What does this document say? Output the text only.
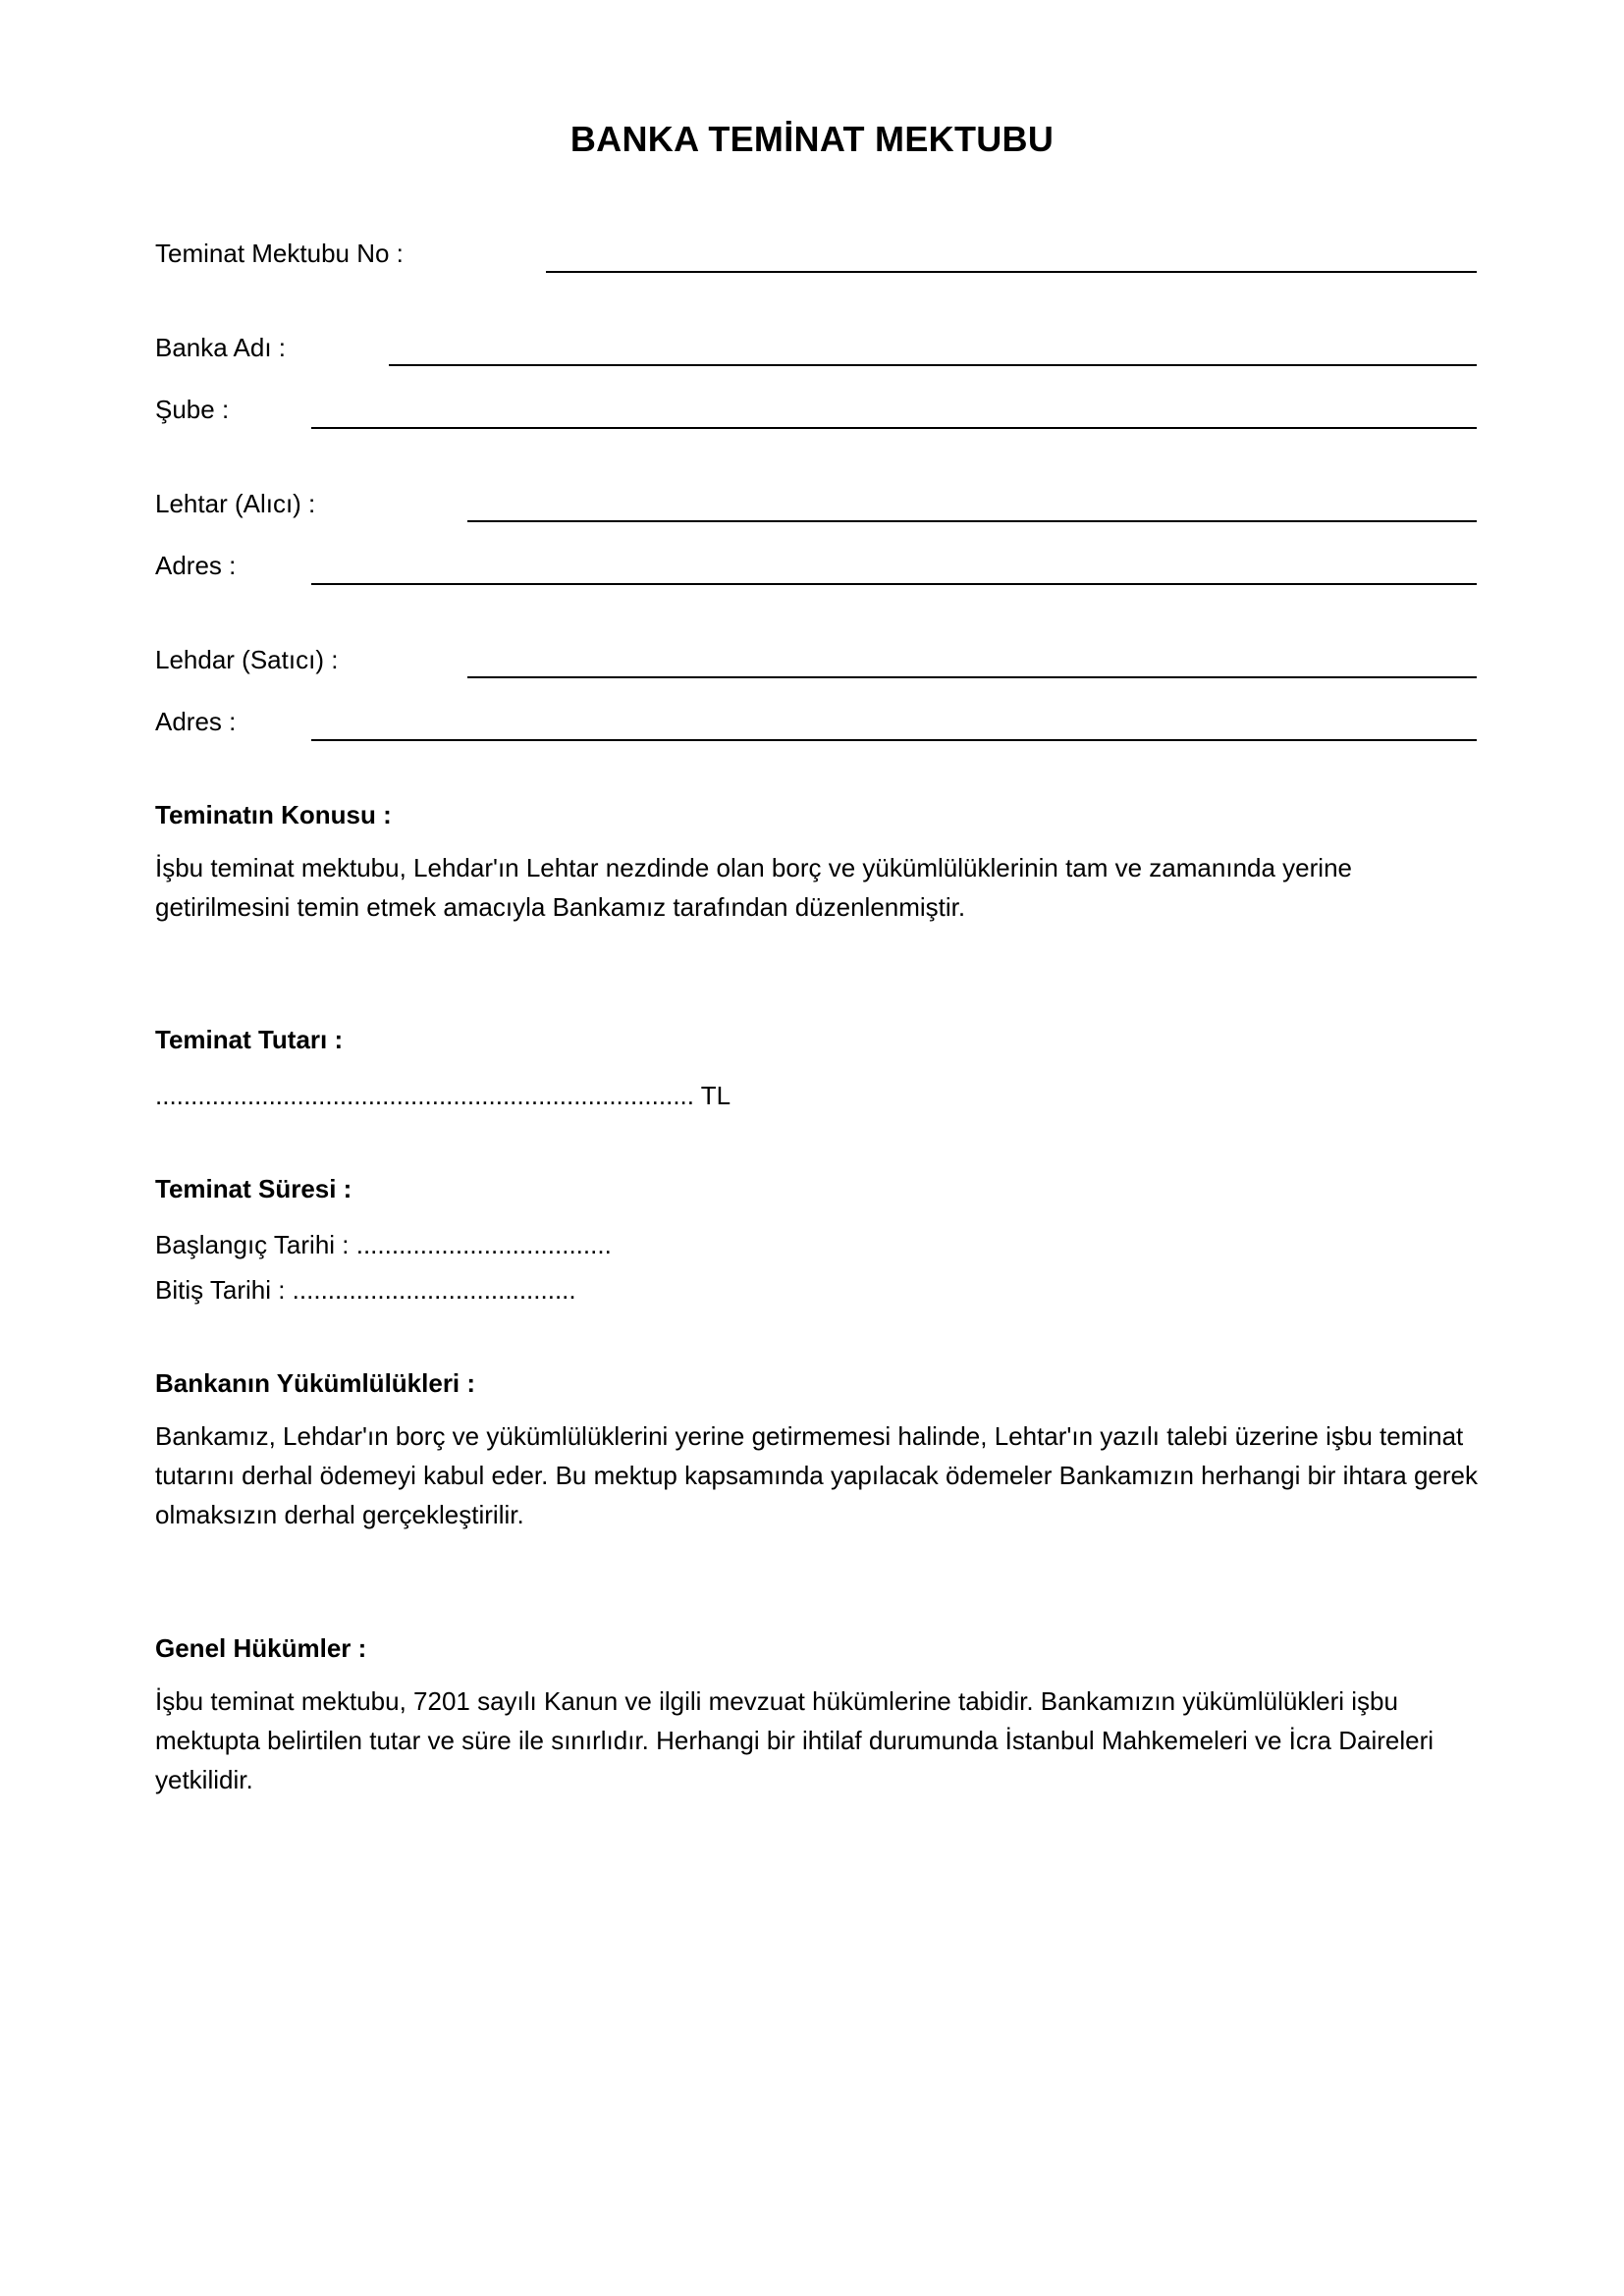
BANKA TEMİNAT MEKTUBU
Teminat Mektubu No :
Banka Adı :
Şube :
Lehtar (Alıcı) :
Adres :
Lehdar (Satıcı) :
Adres :
Teminatın Konusu :
İşbu teminat mektubu, Lehdar'ın Lehtar nezdinde olan borç ve yükümlülüklerinin tam ve zamanında yerine getirilmesini temin etmek amacıyla Bankamız tarafından düzenlenmiştir.
Teminat Tutarı :
............................................................................ TL
Teminat Süresi :
Başlangıç Tarihi : ....................................
Bitiş Tarihi : ........................................
Bankanın Yükümlülükleri :
Bankamız, Lehdar'ın borç ve yükümlülüklerini yerine getirmemesi halinde, Lehtar'ın yazılı talebi üzerine işbu teminat tutarını derhal ödemeyi kabul eder. Bu mektup kapsamında yapılacak ödemeler Bankamızın herhangi bir ihtara gerek olmaksızın derhal gerçekleştirilir.
Genel Hükümler :
İşbu teminat mektubu, 7201 sayılı Kanun ve ilgili mevzuat hükümlerine tabidir. Bankamızın yükümlülükleri işbu mektupta belirtilen tutar ve süre ile sınırlıdır. Herhangi bir ihtilaf durumunda İstanbul Mahkemeleri ve İcra Daireleri yetkilidir.
